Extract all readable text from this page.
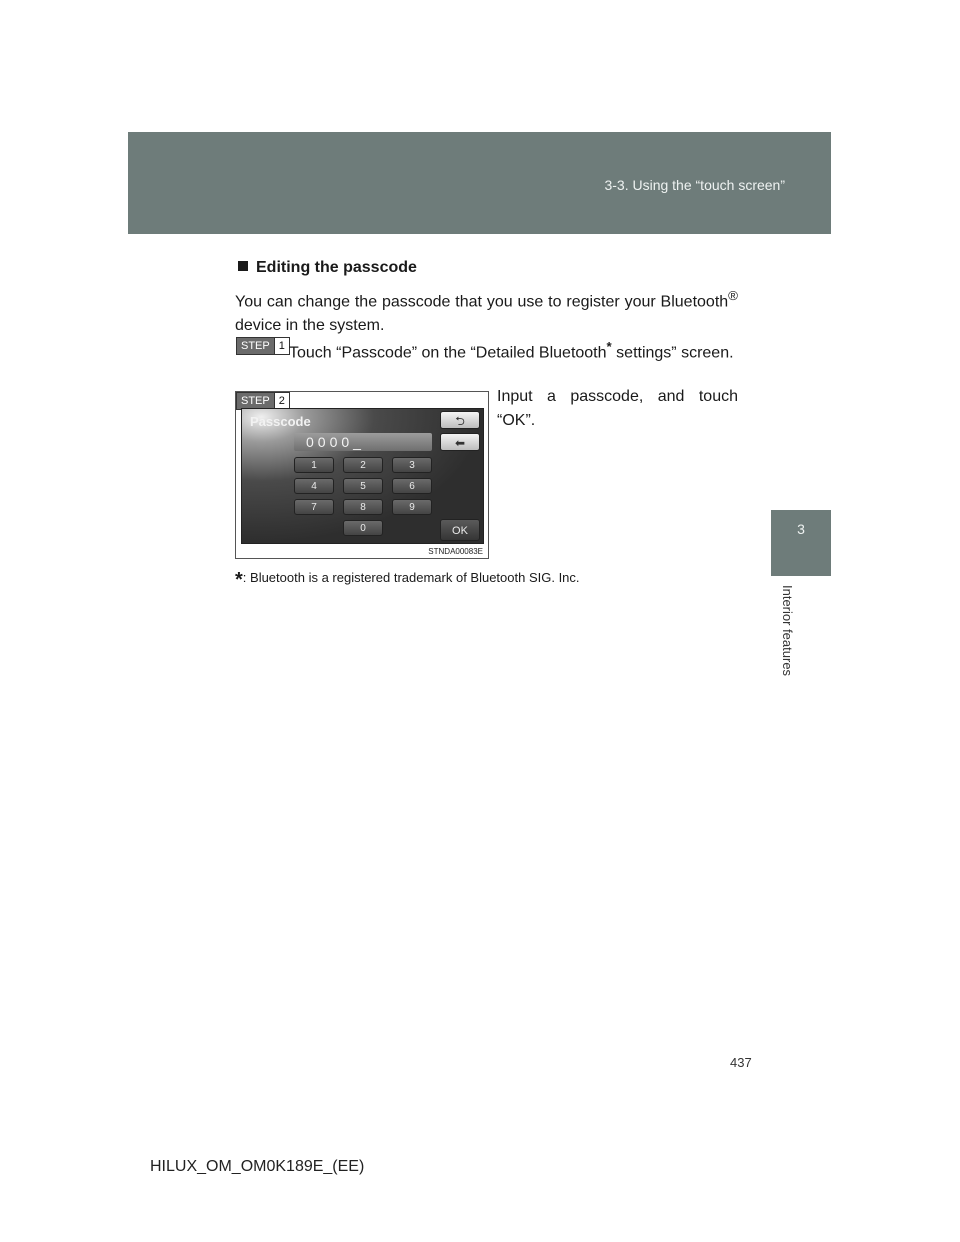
3-3. Using the “touch screen”
3
Interior features
Editing the passcode
You can change the passcode that you use to register your Bluetooth® device in the system.
STEP 1 Touch “Passcode” on the “Detailed Bluetooth* settings” screen.
Input a passcode, and touch “OK”.
STEP 2
Passcode
0000_
⮌
⬅
1	2	3
4	5	6
7	8	9
0	OK
STNDA00083E
*: Bluetooth is a registered trademark of Bluetooth SIG. Inc.
437
HILUX_OM_OM0K189E_(EE)
